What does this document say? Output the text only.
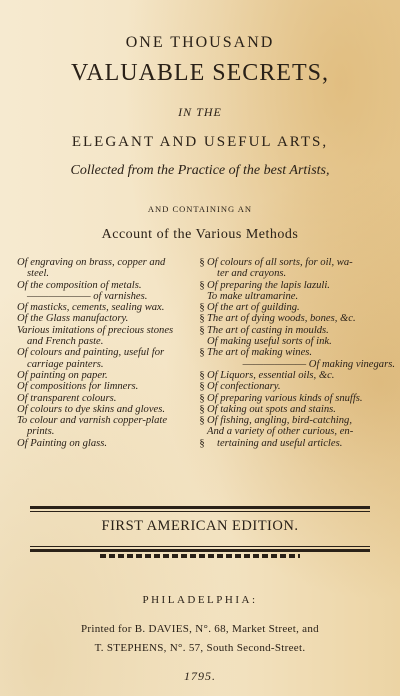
ONE THOUSAND
VALUABLE SECRETS,
IN THE
ELEGANT AND USEFUL ARTS,
Collected from the Practice of the best Artists,
AND CONTAINING AN
Account of the Various Methods
Of engraving on brass, copper and
steel.
Of the composition of metals.
―――――― of varnishes.
Of masticks, cements, sealing wax.
Of the Glass manufactory.
Various imitations of precious stones
and French paste.
Of colours and painting, useful for
carriage painters.
Of painting on paper.
Of compositions for limners.
Of transparent colours.
Of colours to dye skins and gloves.
To colour and varnish copper-plate
prints.
Of Painting on glass.
§
§
§
§
§
§
§
§
§
§
§
§
Of colours of all sorts, for oil, wa-
ter and crayons.
Of preparing the lapis lazuli.
To make ultramarine.
Of the art of guilding.
The art of dying woods, bones, &c.
The art of casting in moulds.
Of making useful sorts of ink.
The art of making wines.
―――――― Of making vinegars.
Of Liquors, essential oils, &c.
Of confectionary.
Of preparing various kinds of snuffs.
Of taking out spots and stains.
Of fishing, angling, bird-catching,
And a variety of other curious, en-
tertaining and useful articles.
FIRST AMERICAN EDITION.
PHILADELPHIA:
Printed for B. DAVIES, N°. 68, Market Street, and
T. STEPHENS, N°. 57, South Second-Street.
1795.
